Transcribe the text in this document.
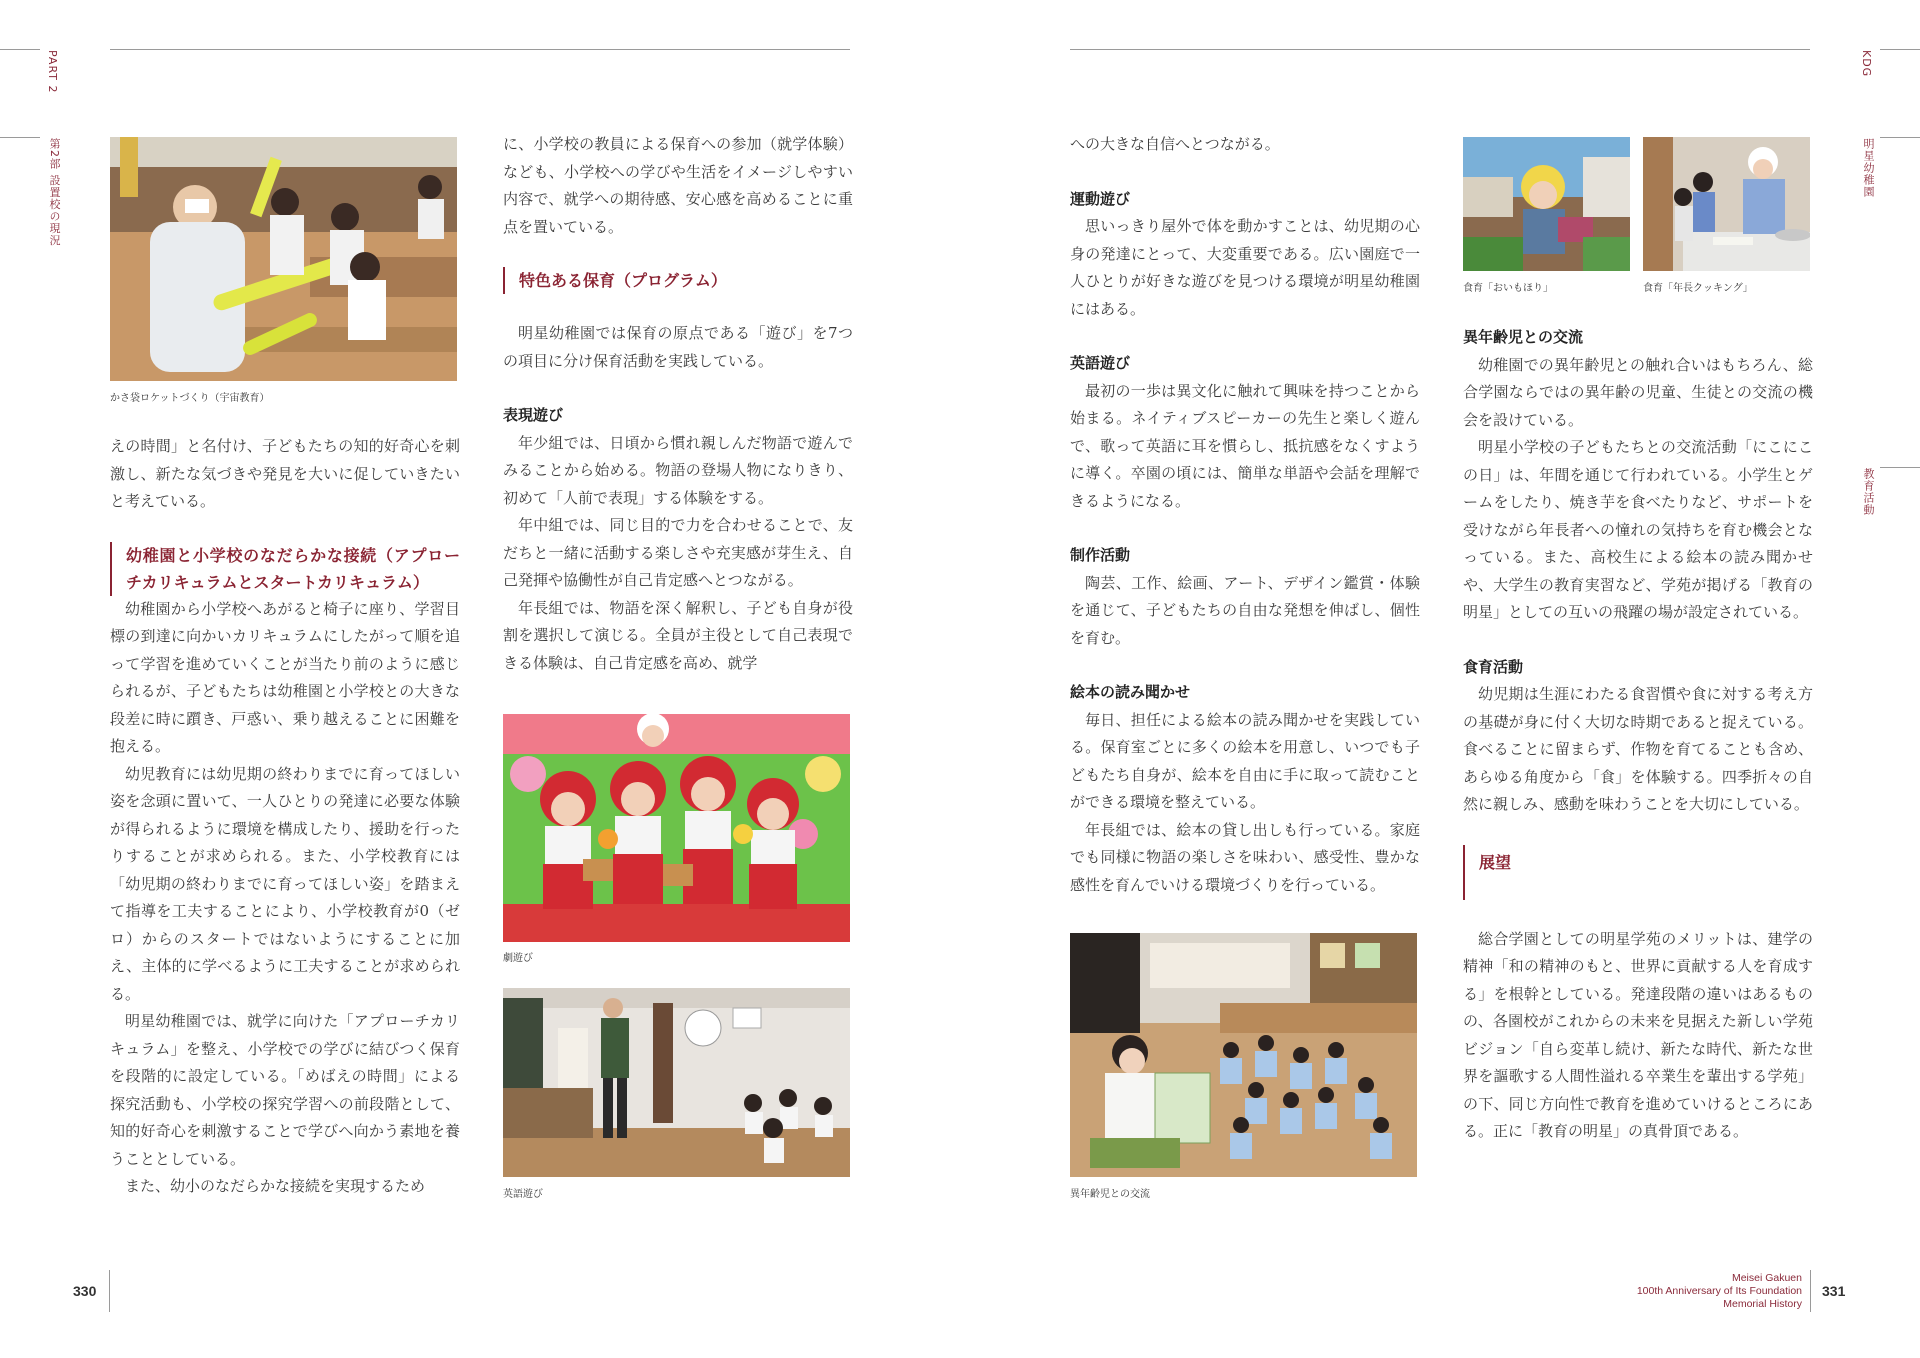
PART 2
第2部 設置校の現況
KDG
明星幼稚園
教育活動
かさ袋ロケットづくり（宇宙教育）

えの時間」と名付け、子どもたちの知的好奇心を刺激し、新たな気づきや発見を大いに促していきたいと考えている。

幼稚園と小学校のなだらかな接続（アプローチカリキュラムとスタートカリキュラム）

幼稚園から小学校へあがると椅子に座り、学習目標の到達に向かいカリキュラムにしたがって順を追って学習を進めていくことが当たり前のように感じられるが、子どもたちは幼稚園と小学校との大きな段差に時に躓き、戸惑い、乗り越えることに困難を抱える。

幼児教育には幼児期の終わりまでに育ってほしい姿を念頭に置いて、一人ひとりの発達に必要な体験が得られるように環境を構成したり、援助を行ったりすることが求められる。また、小学校教育には「幼児期の終わりまでに育ってほしい姿」を踏まえて指導を工夫することにより、小学校教育が0（ゼロ）からのスタートではないようにすることに加え、主体的に学べるように工夫することが求められる。

明星幼稚園では、就学に向けた「アプローチカリキュラム」を整え、小学校での学びに結びつく保育を段階的に設定している。「めばえの時間」による探究活動も、小学校の探究学習への前段階として、知的好奇心を刺激することで学びへ向かう素地を養うこととしている。

また、幼小のなだらかな接続を実現するため

に、小学校の教員による保育への参加（就学体験）なども、小学校への学びや生活をイメージしやすい内容で、就学への期待感、安心感を高めることに重点を置いている。

特色ある保育（プログラム）

明星幼稚園では保育の原点である「遊び」を7つの項目に分け保育活動を実践している。

表現遊び

年少組では、日頃から慣れ親しんだ物語で遊んでみることから始める。物語の登場人物になりきり、初めて「人前で表現」する体験をする。

年中組では、同じ目的で力を合わせることで、友だちと一緒に活動する楽しさや充実感が芽生え、自己発揮や協働性が自己肯定感へとつながる。

年長組では、物語を深く解釈し、子ども自身が役割を選択して演じる。全員が主役として自己表現できる体験は、自己肯定感を高め、就学

劇遊び
英語遊び
330

への大きな自信へとつながる。

運動遊び

思いっきり屋外で体を動かすことは、幼児期の心身の発達にとって、大変重要である。広い園庭で一人ひとりが好きな遊びを見つける環境が明星幼稚園にはある。

英語遊び

最初の一歩は異文化に触れて興味を持つことから始まる。ネイティブスピーカーの先生と楽しく遊んで、歌って英語に耳を慣らし、抵抗感をなくすように導く。卒園の頃には、簡単な単語や会話を理解できるようになる。

制作活動

陶芸、工作、絵画、アート、デザイン鑑賞・体験を通じて、子どもたちの自由な発想を伸ばし、個性を育む。

絵本の読み聞かせ

毎日、担任による絵本の読み聞かせを実践している。保育室ごとに多くの絵本を用意し、いつでも子どもたち自身が、絵本を自由に手に取って読むことができる環境を整えている。

年長組では、絵本の貸し出しも行っている。家庭でも同様に物語の楽しさを味わい、感受性、豊かな感性を育んでいける環境づくりを行っている。

異年齢児との交流
食育「おいもほり」	食育「年長クッキング」
異年齢児との交流

幼稚園での異年齢児との触れ合いはもちろん、総合学園ならではの異年齢の児童、生徒との交流の機会を設けている。

明星小学校の子どもたちとの交流活動「にこにこの日」は、年間を通じて行われている。小学生とゲームをしたり、焼き芋を食べたりなど、サポートを受けながら年長者への憧れの気持ちを育む機会となっている。また、高校生による絵本の読み聞かせや、大学生の教育実習など、学苑が掲げる「教育の明星」としての互いの飛躍の場が設定されている。

食育活動

幼児期は生涯にわたる食習慣や食に対する考え方の基礎が身に付く大切な時期であると捉えている。食べることに留まらず、作物を育てることも含め、あらゆる角度から「食」を体験する。四季折々の自然に親しみ、感動を味わうことを大切にしている。

展望

総合学園としての明星学苑のメリットは、建学の精神「和の精神のもと、世界に貢献する人を育成する」を根幹としている。発達段階の違いはあるものの、各園校がこれからの未来を見据えた新しい学苑ビジョン「自ら変革し続け、新たな時代、新たな世界を謳歌する人間性溢れる卒業生を輩出する学苑」の下、同じ方向性で教育を進めていけるところにある。正に「教育の明星」の真骨頂である。

Meisei Gakuen
100th Anniversary of Its Foundation
Memorial History
331
